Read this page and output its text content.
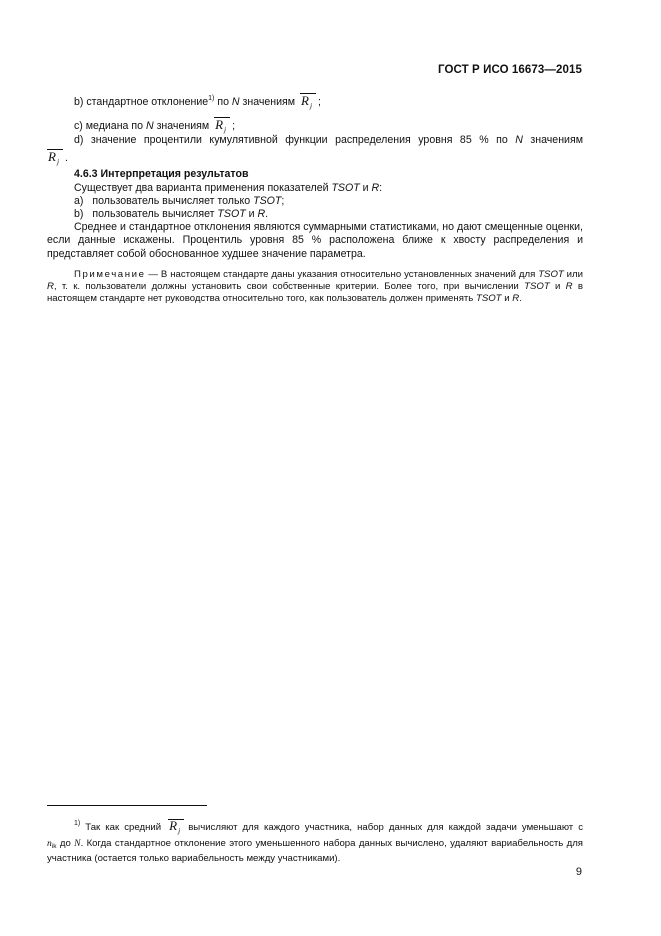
ГОСТ Р ИСО 16673—2015
b) стандартное отклонение$^{1)}$ по N значениям $R_j$ ;
c) медиана по N значениям $R_j$ ;
d) значение процентили кумулятивной функции распределения уровня 85 % по N значениям
$R_j$ .
4.6.3 Интерпретация результатов
Существует два варианта применения показателей TSOT и R:
a) пользователь вычисляет только TSOT;
b) пользователь вычисляет TSOT и R.
Среднее и стандартное отклонения являются суммарными статистиками, но дают смещенные оценки, если данные искажены. Процентиль уровня 85 % расположена ближе к хвосту распределения и представляет собой обоснованное худшее значение параметра.
Примечание — В настоящем стандарте даны указания относительно установленных значений для TSOT или R, т. к. пользователи должны установить свои собственные критерии. Более того, при вычислении TSOT и R в настоящем стандарте нет руководства относительно того, как пользователь должен применять TSOT и R.
$^{1)}$ Так как средний $R_j$ вычисляют для каждого участника, набор данных для каждой задачи уменьшают с
$n_{ik}$ до N. Когда стандартное отклонение этого уменьшенного набора данных вычислено, удаляют вариабельность для участника (остается только вариабельность между участниками).
9
